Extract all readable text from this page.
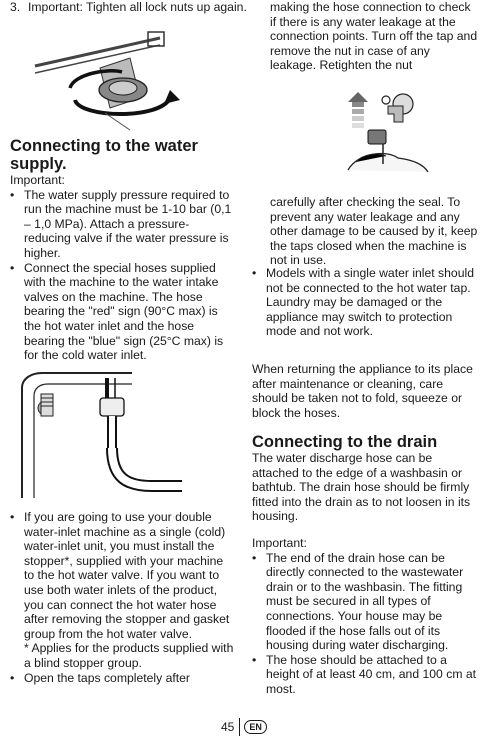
3. Important: Tighten all lock nuts up again.

Connecting to the water supply.

Important:

• The water supply pressure required to run the machine must be 1-10 bar (0,1 – 1,0 MPa). Attach a pressure-reducing valve if the water pressure is higher.
• Connect the special hoses supplied with the machine to the water intake valves on the machine. The hose bearing the "red" sign (90°C max) is the hot water inlet and the hose bearing the "blue" sign (25°C max) is for the cold water inlet.
• If you are going to use your double water-inlet machine as a single (cold) water-inlet unit, you must install the stopper*, supplied with your machine to the hot water valve. If you want to use both water inlets of the product, you can connect the hot water hose after removing the stopper and gasket group from the hot water valve.

* Applies for the products supplied with a blind stopper group.

• Open the taps completely after

making the hose connection to check if there is any water leakage at the connection points. Turn off the tap and remove the nut in case of any leakage. Retighten the nut

carefully after checking the seal. To prevent any water leakage and any other damage to be caused by it, keep the taps closed when the machine is not in use.

• Models with a single water inlet should not be connected to the hot water tap. Laundry may be damaged or the appliance may switch to protection mode and not work.

When returning the appliance to its place after maintenance or cleaning, care should be taken not to fold, squeeze or block the hoses.

Connecting to the drain

The water discharge hose can be attached to the edge of a washbasin or bathtub. The drain hose should be firmly fitted into the drain as to not loosen in its housing.

Important:

• The end of the drain hose can be directly connected to the wastewater drain or to the washbasin. The fitting must be secured in all types of connections. Your house may be flooded if the hose falls out of its housing during water discharging.
• The hose should be attached to a height of at least 40 cm, and 100 cm at most.
45	EN
